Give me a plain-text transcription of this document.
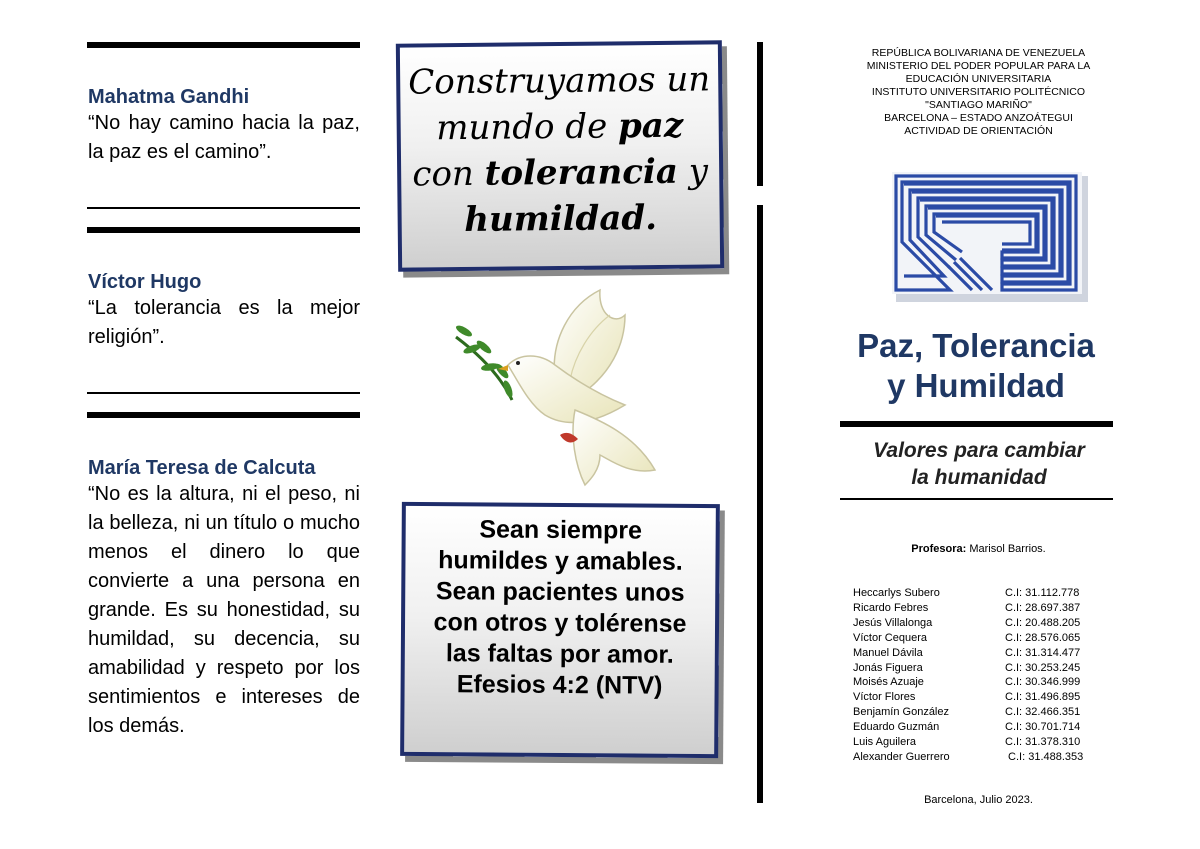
Mahatma Gandhi
“No hay camino hacia la paz, la paz es el camino”.
Víctor Hugo
“La tolerancia es la mejor religión”.
María Teresa de Calcuta
“No es la altura, ni el peso, ni la belleza, ni un título o mucho menos el dinero lo que convierte a una persona en grande. Es su honestidad, su humildad, su decencia, su amabilidad y respeto por los sentimientos e intereses de los demás.
Construyamos un
mundo de paz
con tolerancia y
humildad.
Sean siempre
humildes y amables.
Sean pacientes unos
con otros y tolérense
las faltas por amor.
Efesios 4:2 (NTV)
REPÚBLICA BOLIVARIANA DE VENEZUELA
MINISTERIO DEL PODER POPULAR PARA LA
EDUCACIÓN UNIVERSITARIA
INSTITUTO UNIVERSITARIO POLITÉCNICO
"SANTIAGO MARIÑO"
BARCELONA – ESTADO ANZOÁTEGUI
ACTIVIDAD DE ORIENTACIÓN
Paz, Tolerancia
y Humildad
Valores para cambiar
la humanidad
Profesora: Marisol Barrios.
Heccarlys Subero	C.I: 31.112.778
Ricardo Febres	C.I: 28.697.387
Jesús Villalonga	C.I: 20.488.205
Víctor Cequera	C.I: 28.576.065
Manuel Dávila	C.I: 31.314.477
Jonás Figuera	C.I: 30.253.245
Moisés Azuaje	C.I: 30.346.999
Víctor Flores	C.I: 31.496.895
Benjamín González	C.I: 32.466.351
Eduardo Guzmán	C.I: 30.701.714
Luis Aguilera	C.I: 31.378.310
Alexander Guerrero	C.I: 31.488.353
Barcelona, Julio 2023.
